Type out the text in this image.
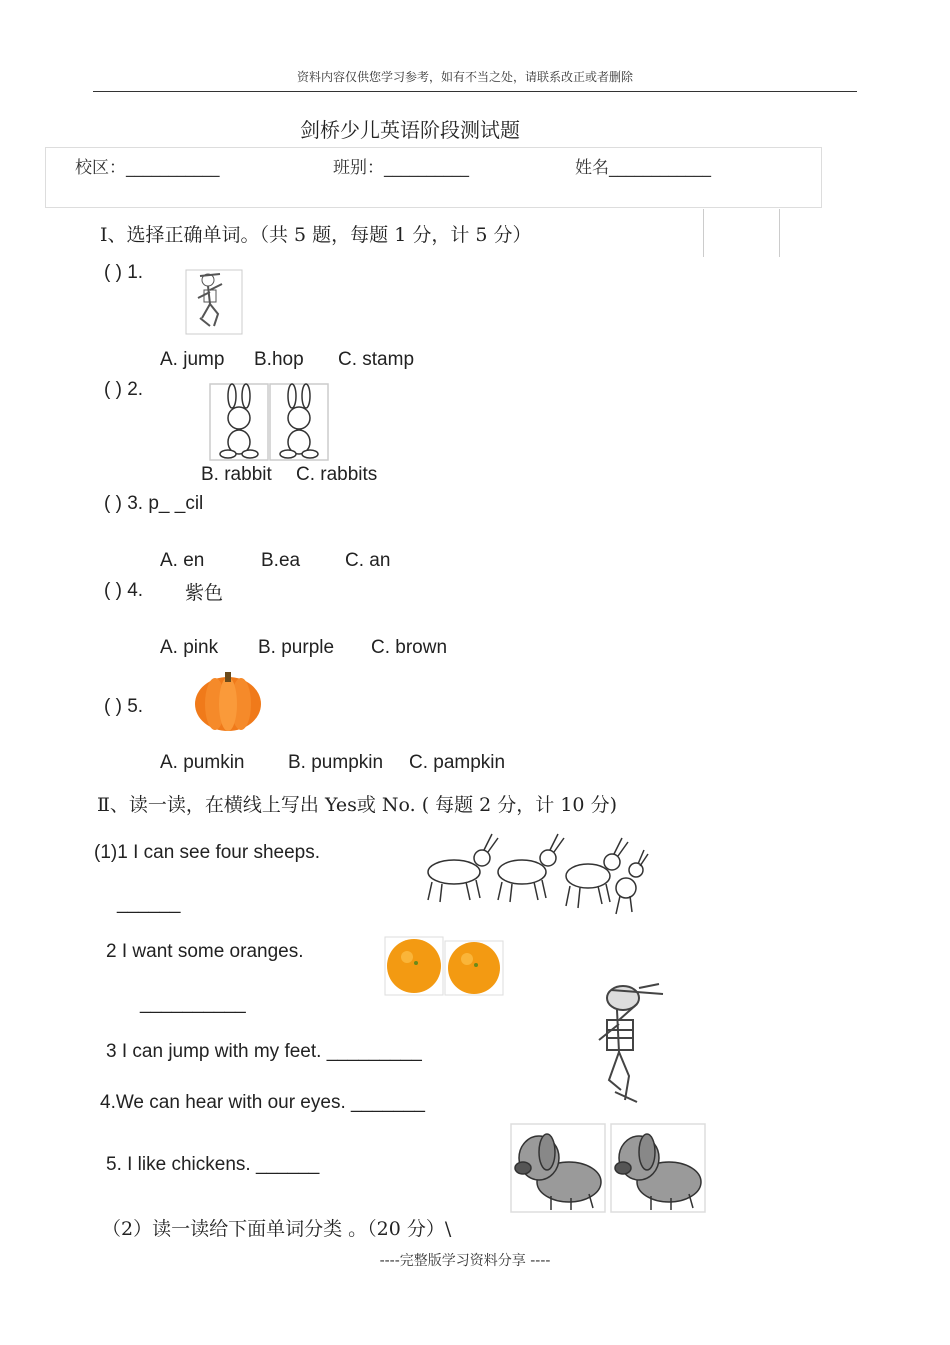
资料内容仅供您学习参考，如有不当之处，请联系改正或者删除
剑桥少儿英语阶段测试题
校区：___________	班别：__________	姓名____________
Ⅰ、选择正确单词。（共 5 题，每题 1 分，计 5 分）
( ) 1.
A. jump B.hop C. stamp
( ) 2.
B. rabbit C. rabbits
( ) 3. p_ _cil
A. en	B.ea C. an
( ) 4. 紫色
A. pink B. purple C. brown
( ) 5.
A. pumkin B. pumpkin C. pampkin
Ⅱ、读一读，在横线上写出 Yes或 No. ( 每题 2 分，计 10 分)
(1)1 I can see four sheeps.
______
2 I want some oranges.
__________
3 I can jump with my feet. _________
4.We can hear with our eyes. _______
5. I like chickens. ______
（2）读一读给下面单词分类 。（20 分）\
----完整版学习资料分享 ----
